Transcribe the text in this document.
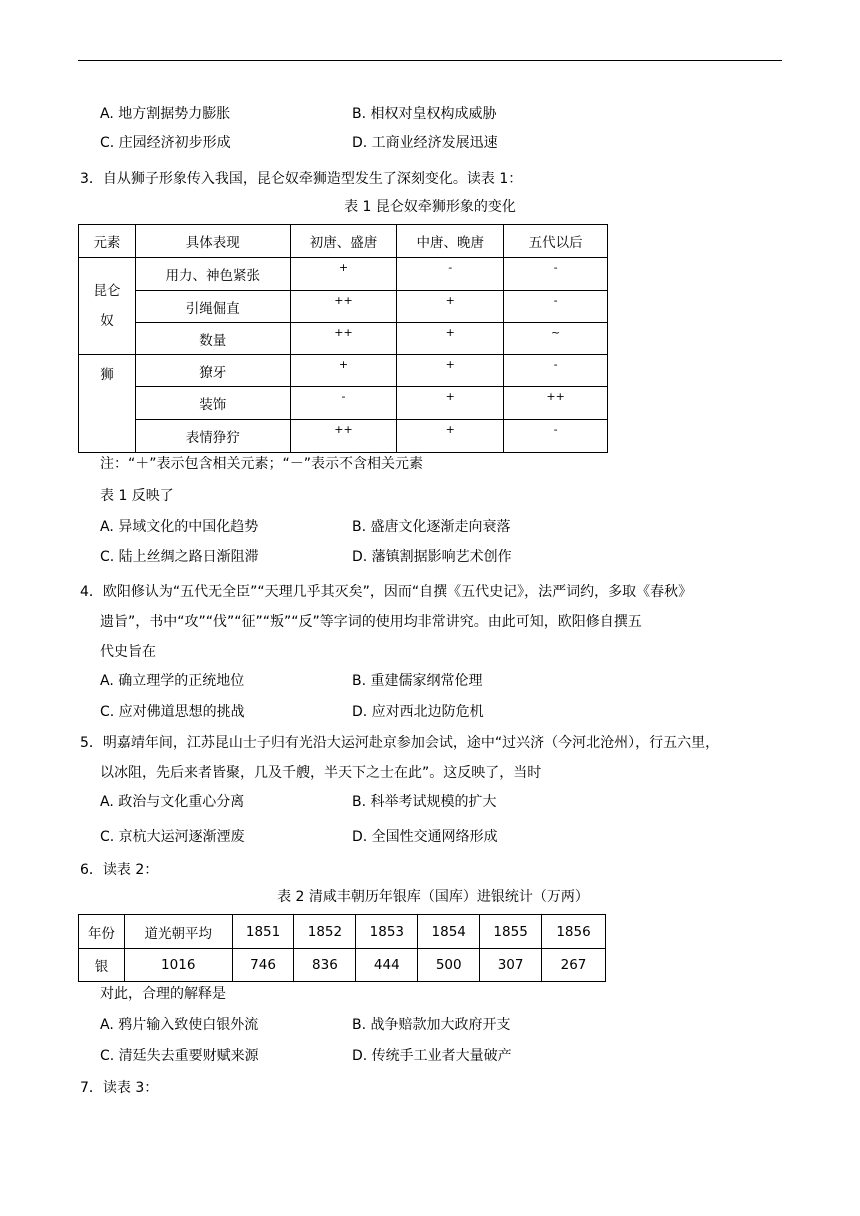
A. 地方割据势力膨胀	B. 相权对皇权构成威胁
C. 庄园经济初步形成	D. 工商业经济发展迅速
3．自从狮子形象传入我国，昆仑奴牵狮造型发生了深刻变化。读表 1：
表 1 昆仑奴牵狮形象的变化
元素	具体表现	初唐、盛唐	中唐、晚唐	五代以后
昆仑
奴	用力、神色紧张	+	-	-
	引绳倔直	++	+	-
	数量	++	+	~
狮	獠牙	+	+	-
	装饰	-	+	++
	表情狰狞	++	+	-
注：“＋”表示包含相关元素；“－”表示不含相关元素
表 1 反映了
A. 异域文化的中国化趋势	B. 盛唐文化逐渐走向衰落
C. 陆上丝绸之路日渐阻滞	D. 藩镇割据影响艺术创作
4．欧阳修认为“五代无全臣”“天理几乎其灭矣”，因而“自撰《五代史记》，法严词约，多取《春秋》
遗旨”，书中“攻”“伐”“征”“叛”“反”等字词的使用均非常讲究。由此可知，欧阳修自撰五
代史旨在
A. 确立理学的正统地位	B. 重建儒家纲常伦理
C. 应对佛道思想的挑战	D. 应对西北边防危机
5．明嘉靖年间，江苏昆山士子归有光沿大运河赴京参加会试，途中“过兴济（今河北沧州），行五六里，
以冰阻，先后来者皆聚，几及千艘，半天下之士在此”。这反映了，当时
A. 政治与文化重心分离	B. 科举考试规模的扩大
C. 京杭大运河逐渐湮废	D. 全国性交通网络形成
6．读表 2：
表 2 清咸丰朝历年银库（国库）进银统计（万两）
年份	道光朝平均	1851	1852	1853	1854	1855	1856
银	1016	746	836	444	500	307	267
对此，合理的解释是
A. 鸦片输入致使白银外流	B. 战争赔款加大政府开支
C. 清廷失去重要财赋来源	D. 传统手工业者大量破产
7．读表 3：
